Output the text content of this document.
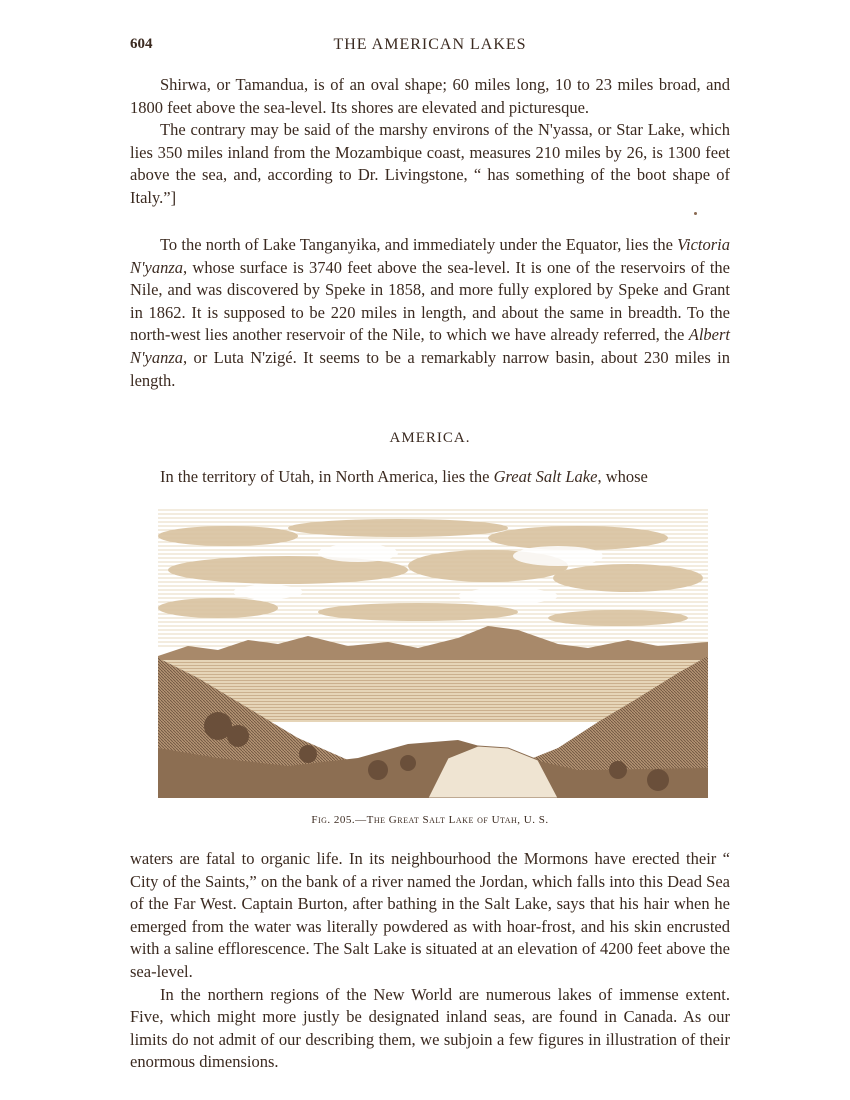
604	THE AMERICAN LAKES

Shirwa, or Tamandua, is of an oval shape; 60 miles long, 10 to 23 miles broad, and 1800 feet above the sea-level. Its shores are elevated and picturesque.

The contrary may be said of the marshy environs of the N'yassa, or Star Lake, which lies 350 miles inland from the Mozambique coast, measures 210 miles by 26, is 1300 feet above the sea, and, according to Dr. Livingstone, “ has something of the boot shape of Italy.”]

To the north of Lake Tanganyika, and immediately under the Equator, lies the Victoria N'yanza, whose surface is 3740 feet above the sea-level. It is one of the reservoirs of the Nile, and was discovered by Speke in 1858, and more fully explored by Speke and Grant in 1862. It is supposed to be 220 miles in length, and about the same in breadth. To the north-west lies another reservoir of the Nile, to which we have already referred, the Albert N'yanza, or Luta N'zigé. It seems to be a remarkably narrow basin, about 230 miles in length.

AMERICA.

In the territory of Utah, in North America, lies the Great Salt Lake, whose

Fig. 205.—The Great Salt Lake of Utah, U. S.

waters are fatal to organic life. In its neighbourhood the Mormons have erected their “ City of the Saints,” on the bank of a river named the Jordan, which falls into this Dead Sea of the Far West. Captain Burton, after bathing in the Salt Lake, says that his hair when he emerged from the water was literally powdered as with hoar-frost, and his skin encrusted with a saline efflorescence. The Salt Lake is situated at an elevation of 4200 feet above the sea-level.

In the northern regions of the New World are numerous lakes of immense extent. Five, which might more justly be designated inland seas, are found in Canada. As our limits do not admit of our describing them, we subjoin a few figures in illustration of their enormous dimensions.
